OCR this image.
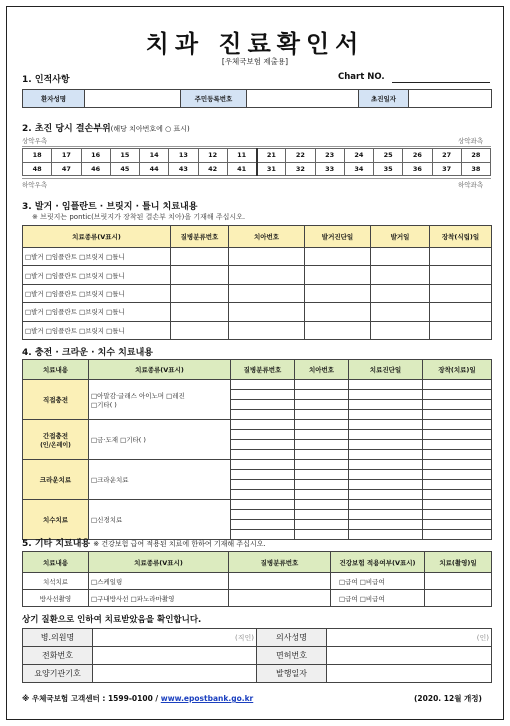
치과 진료확인서
[우체국보험 제출용]
1. 인적사항	Chart NO.
환자성명		주민등록번호		초진일자	
2. 초진 당시 결손부위(해당 치아번호에 ○ 표시)
상악우측	상악좌측
18	17	16	15	14	13	12	11	21	22	23	24	25	26	27	28
48	47	46	45	44	43	42	41	31	32	33	34	35	36	37	38
하악우측	하악좌측
3. 발거 · 임플란트 · 브릿지 · 틀니 치료내용
※ 브릿지는 pontic(브릿지가 장착된 결손부 치아)을 기재해 주십시오.
치료종류(V표시)	질병분류번호	치아번호	발거진단일	발거일	장착(식립)일
□발거 □임플란트 □브릿지 □틀니					
□발거 □임플란트 □브릿지 □틀니					
□발거 □임플란트 □브릿지 □틀니					
□발거 □임플란트 □브릿지 □틀니					
□발거 □임플란트 □브릿지 □틀니					
4. 충전 · 크라운 · 치수 치료내용
치료내용	치료종류(V표시)	질병분류번호	치아번호	치료진단일	장착(치료)일
직접충전	□아말감·글래스 아이노머 □레진
□기타( )				

간접충전
(인/온레이)	□금·도재 □기타( )				

크라운치료	□크라운치료				

치수치료	□신경치료				

5. 기타 치료내용 ※ 건강보험 급여 적용된 치료에 한하여 기재해 주십시오.
치료내용	치료종류(V표시)	질병분류번호	건강보험 적용여부(V표시)	치료(촬영)일
치석치료	□스케일링		□급여 □비급여	
방사선촬영	□구내방사선 □파노라마촬영		□급여 □비급여	
상기 질환으로 인하여 치료받았음을 확인합니다.
병.의원명	(직인)	의사성명	(인)
전화번호		면허번호	
요양기관기호		발행일자	
※ 우체국보험 고객센터 : 1599-0100 / www.epostbank.go.kr	(2020. 12월 개정)
